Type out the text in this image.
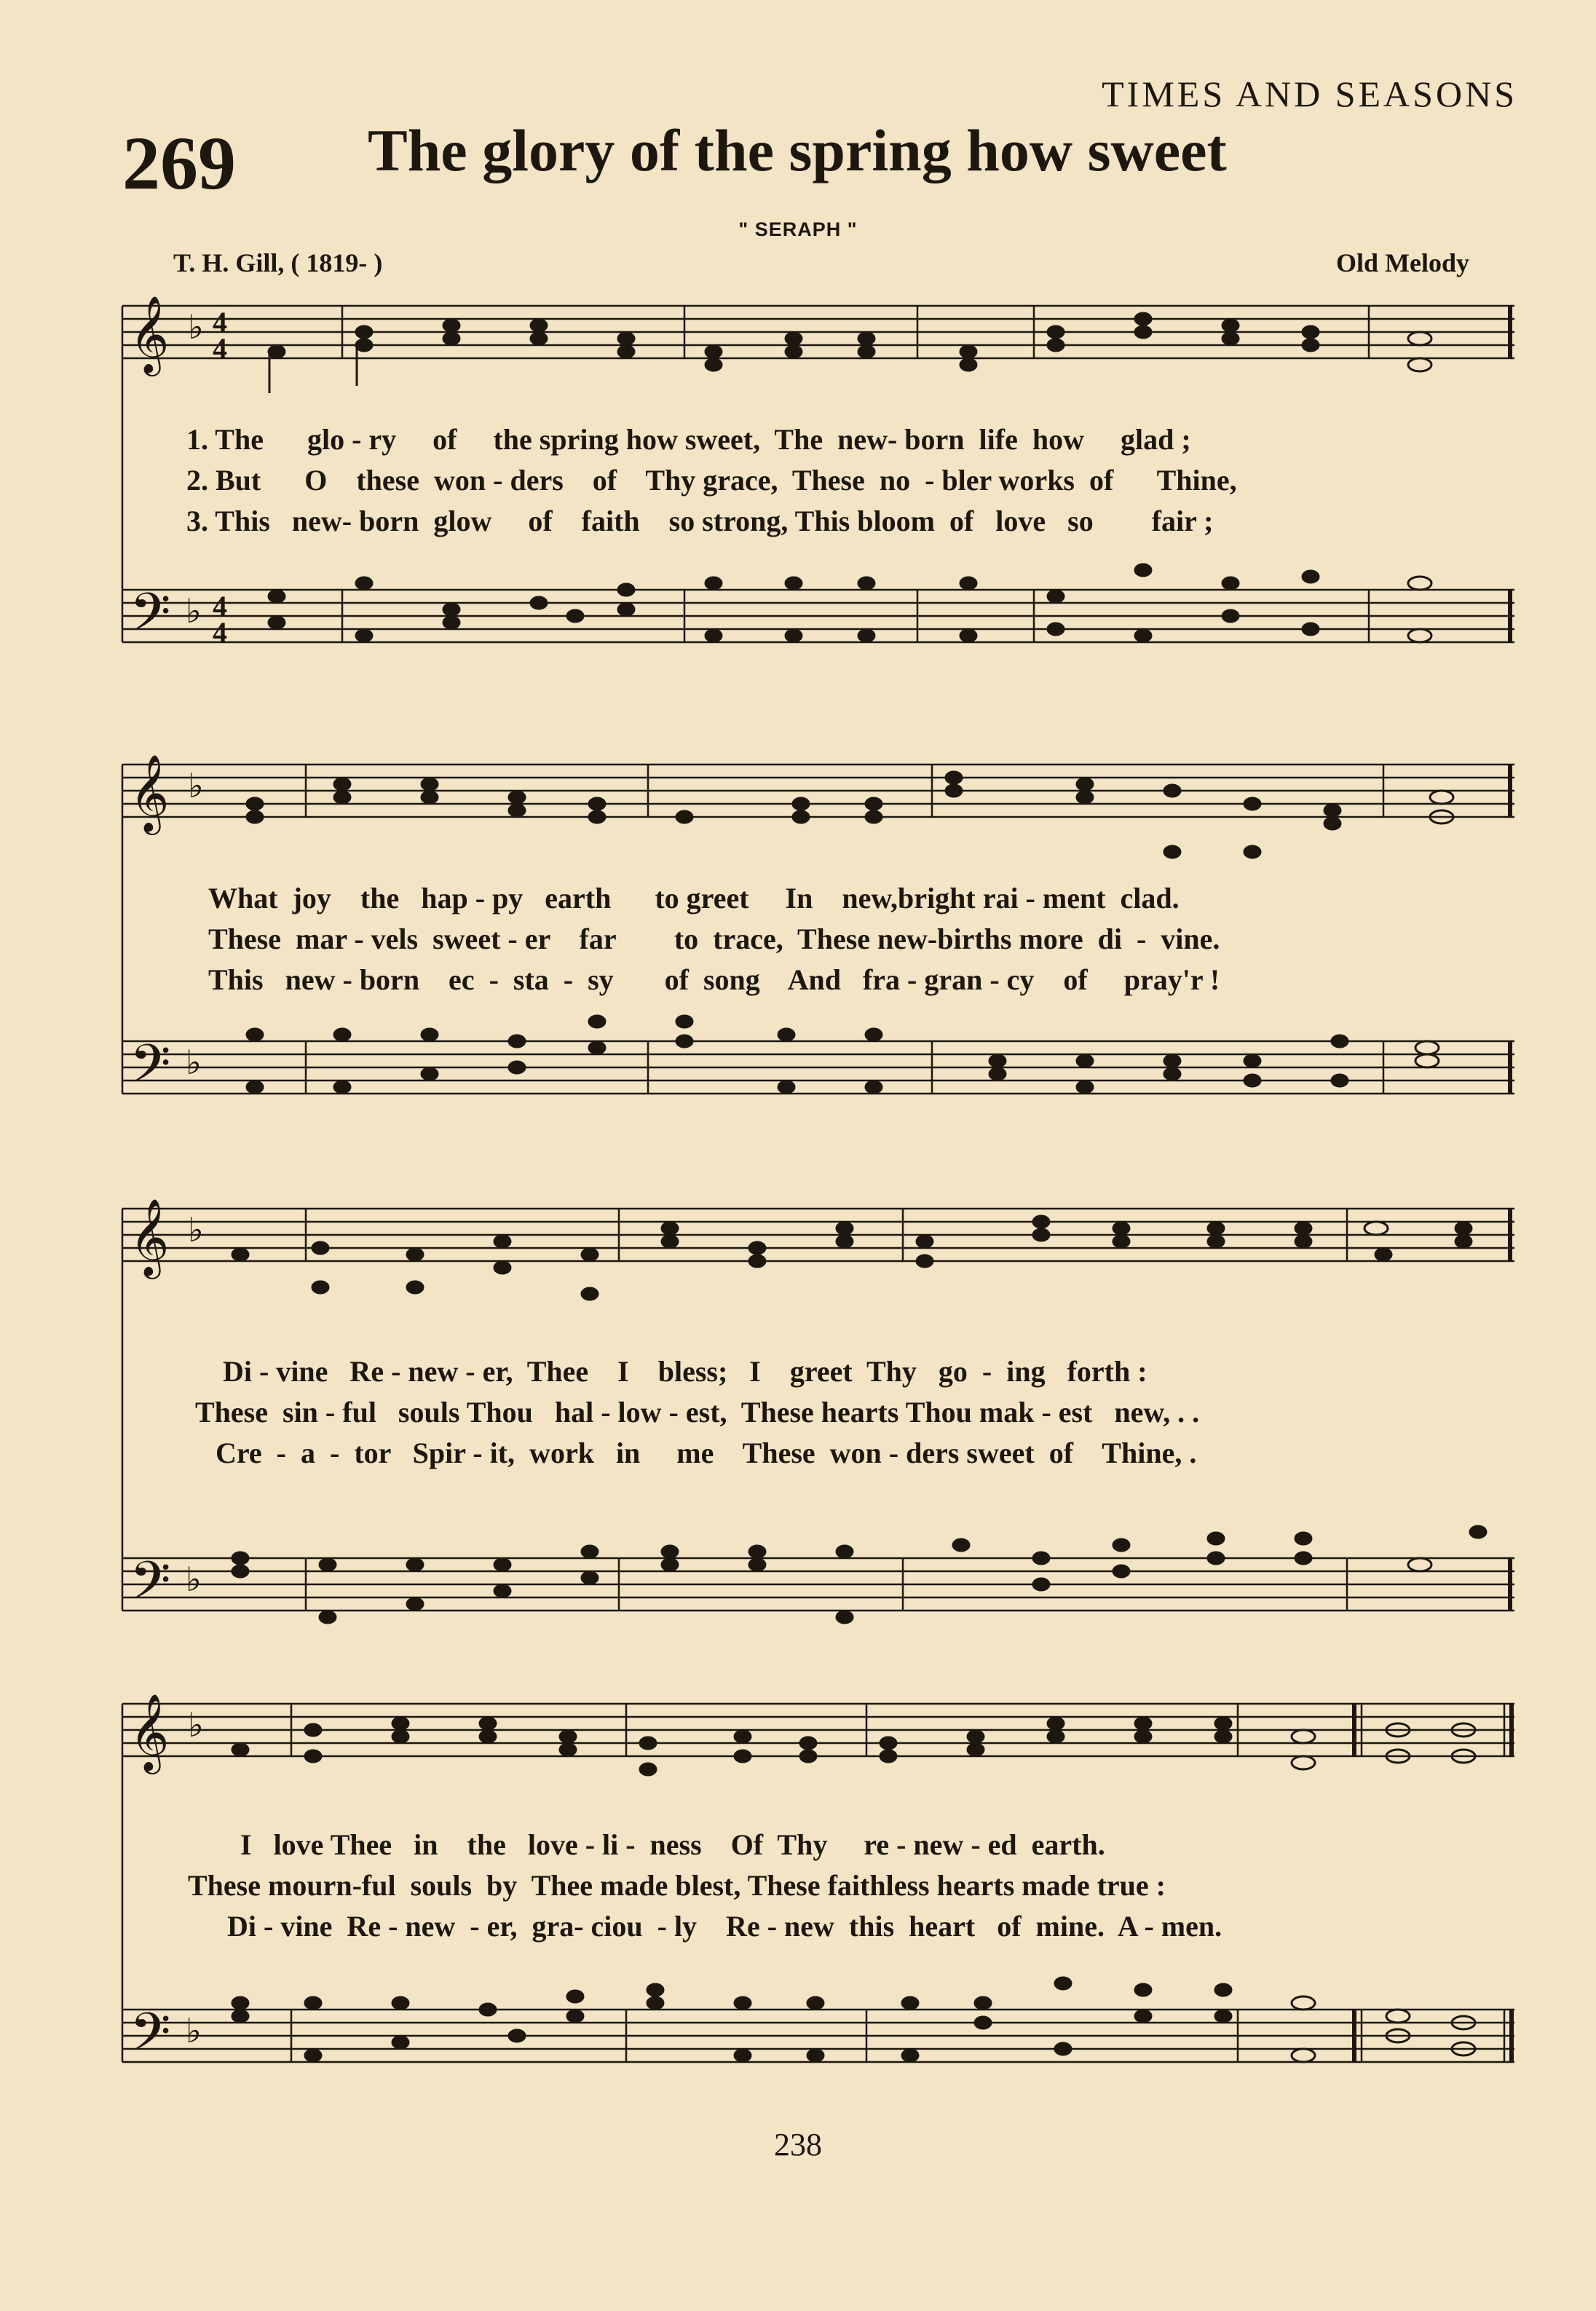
TIMES AND SEASONS
269 The glory of the spring how sweet
" SERAPH "
T. H. Gill, ( 1819- )	Old Melody
𝄞
𝄢
♭
♭
4
4
4
4
1. The      glo - ry     of     the spring how sweet,  The  new- born  life  how     glad ;
2. But      O    these  won - ders    of    Thy grace,  These  no  - bler works  of      Thine,
3. This   new- born  glow     of    faith    so strong, This bloom  of   love   so        fair ;
𝄞
𝄢
♭
♭
What  joy    the   hap - py   earth      to greet     In    new,bright rai - ment  clad.
These  mar - vels  sweet - er    far        to  trace,  These new-births more  di  -  vine.
This   new - born    ec  -  sta  -  sy       of  song    And   fra - gran - cy    of     pray'r !
𝄞
𝄢
♭
♭
Di - vine   Re - new - er,  Thee    I    bless;   I    greet  Thy   go  -  ing   forth :
These  sin - ful   souls Thou   hal - low - est,  These hearts Thou mak - est   new, . .
Cre  -  a  -  tor   Spir - it,  work   in     me    These  won - ders sweet  of    Thine, .
𝄞
𝄢
♭
♭
I   love Thee   in    the   love - li -  ness    Of  Thy     re - new - ed  earth.
These mourn-ful  souls  by  Thee made blest, These faithless hearts made true :
Di - vine  Re - new  - er,  gra- ciou  - ly    Re - new  this  heart   of  mine.  A - men.
238
